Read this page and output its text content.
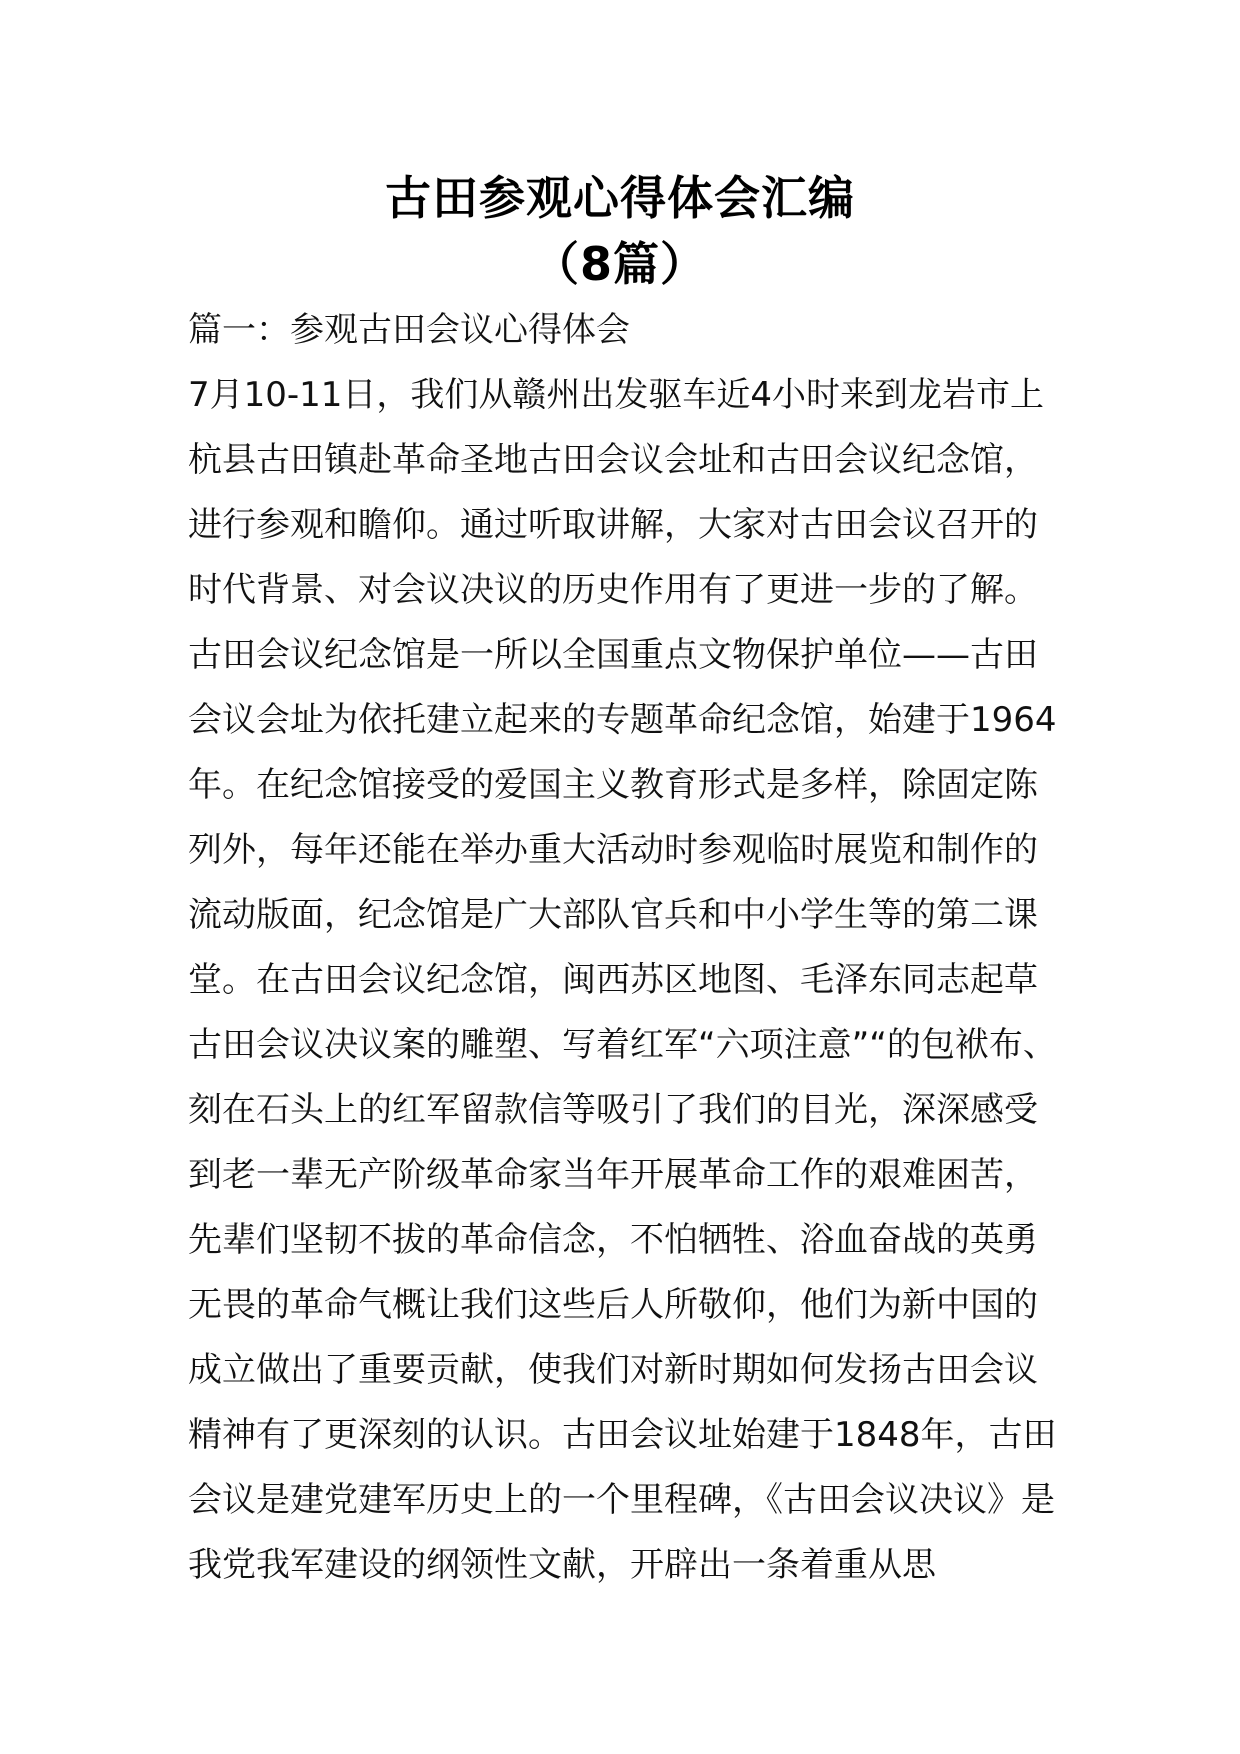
古田参观心得体会汇编
（8篇）

篇一：参观古田会议心得体会

7月10-11日，我们从赣州出发驱车近4小时来到龙岩市上杭县古田镇赴革命圣地古田会议会址和古田会议纪念馆，进行参观和瞻仰。通过听取讲解，大家对古田会议召开的时代背景、对会议决议的历史作用有了更进一步的了解。

古田会议纪念馆是一所以全国重点文物保护单位——古田会议会址为依托建立起来的专题革命纪念馆，始建于1964年。在纪念馆接受的爱国主义教育形式是多样，除固定陈列外，每年还能在举办重大活动时参观临时展览和制作的流动版面，纪念馆是广大部队官兵和中小学生等的第二课堂。在古田会议纪念馆，闽西苏区地图、毛泽东同志起草古田会议决议案的雕塑、写着红军“六项注意”“的包袱布、刻在石头上的红军留款信等吸引了我们的目光，深深感受到老一辈无产阶级革命家当年开展革命工作的艰难困苦，先辈们坚韧不拔的革命信念，不怕牺牲、浴血奋战的英勇无畏的革命气概让我们这些后人所敬仰，他们为新中国的成立做出了重要贡献，使我们对新时期如何发扬古田会议精神有了更深刻的认识。古田会议址始建于1848年，古田会议是建党建军历史上的一个里程碑，《古田会议决议》是我党我军建设的纲领性文献，开辟出一条着重从思
